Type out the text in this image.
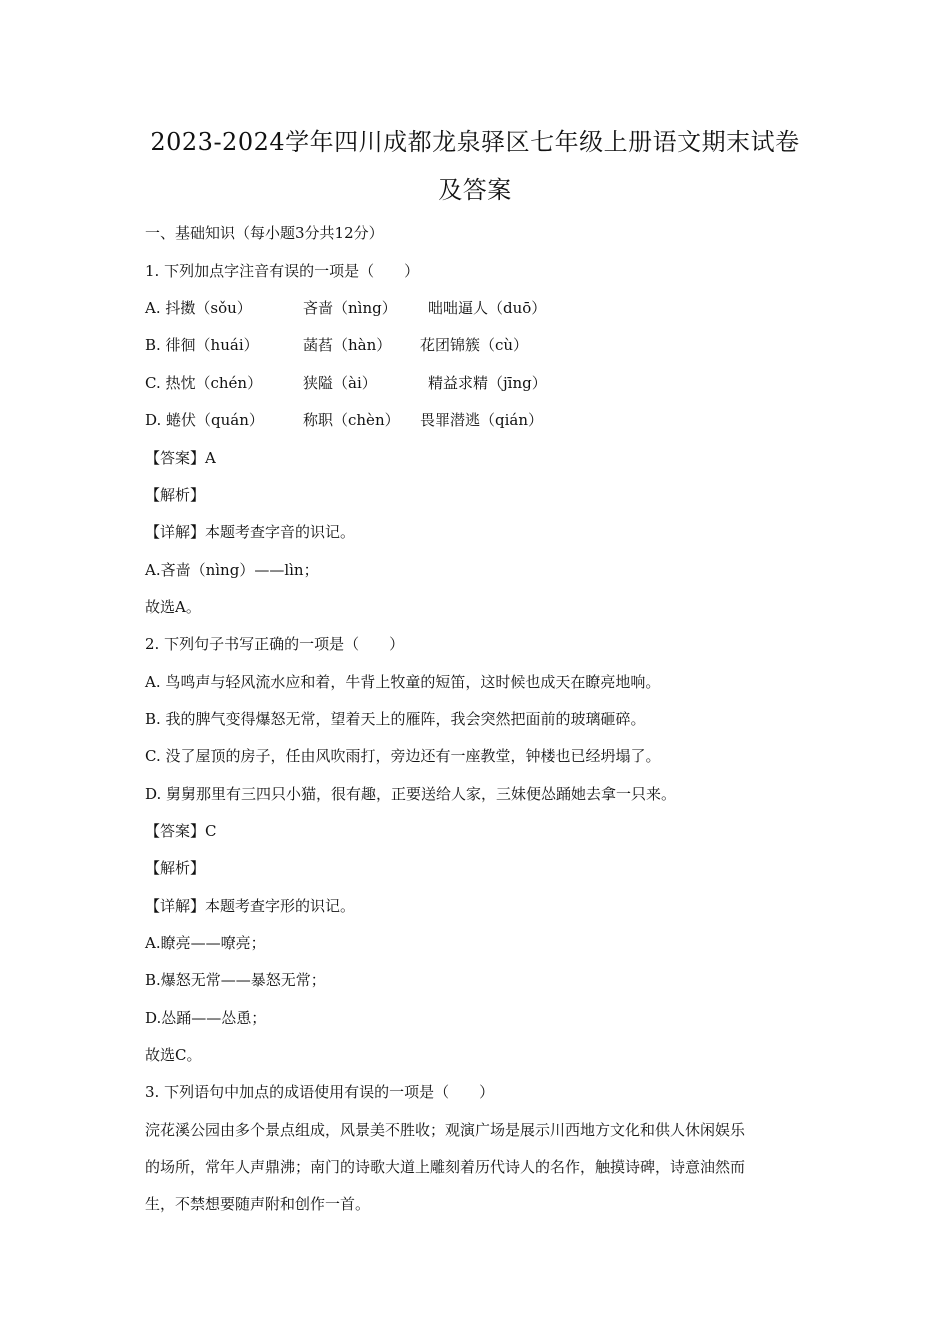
2023-2024学年四川成都龙泉驿区七年级上册语文期末试卷
及答案
一、基础知识（每小题3分共12分）
1. 下列加点字注音有误的一项是（　　）
A. 抖擞（sǒu）	吝啬（nìng） 咄咄逼人（duō）
B. 徘徊（huái）	菡萏（hàn） 花团锦簇（cù）
C. 热忱（chén）	狭隘（ài）	精益求精（jīng）
D. 蜷伏（quán）	称职（chèn） 畏罪潜逃（qián）
【答案】A
【解析】
【详解】本题考查字音的识记。
A.吝啬（nìng）——lìn；
故选A。
2. 下列句子书写正确的一项是（　　）
A. 鸟鸣声与轻风流水应和着，牛背上牧童的短笛，这时候也成天在瞭亮地响。
B. 我的脾气变得爆怒无常，望着天上的雁阵，我会突然把面前的玻璃砸碎。
C. 没了屋顶的房子，任由风吹雨打，旁边还有一座教堂，钟楼也已经坍塌了。
D. 舅舅那里有三四只小猫，很有趣，正要送给人家，三妹便怂踊她去拿一只来。
【答案】C
【解析】
【详解】本题考查字形的识记。
A.瞭亮——嘹亮；
B.爆怒无常——暴怒无常；
D.怂踊——怂恿；
故选C。
3. 下列语句中加点的成语使用有误的一项是（　　）
浣花溪公园由多个景点组成，风景美不胜收；观演广场是展示川西地方文化和供人休闲娱乐
的场所，常年人声鼎沸；南门的诗歌大道上雕刻着历代诗人的名作，触摸诗碑，诗意油然而
生，不禁想要随声附和创作一首。
